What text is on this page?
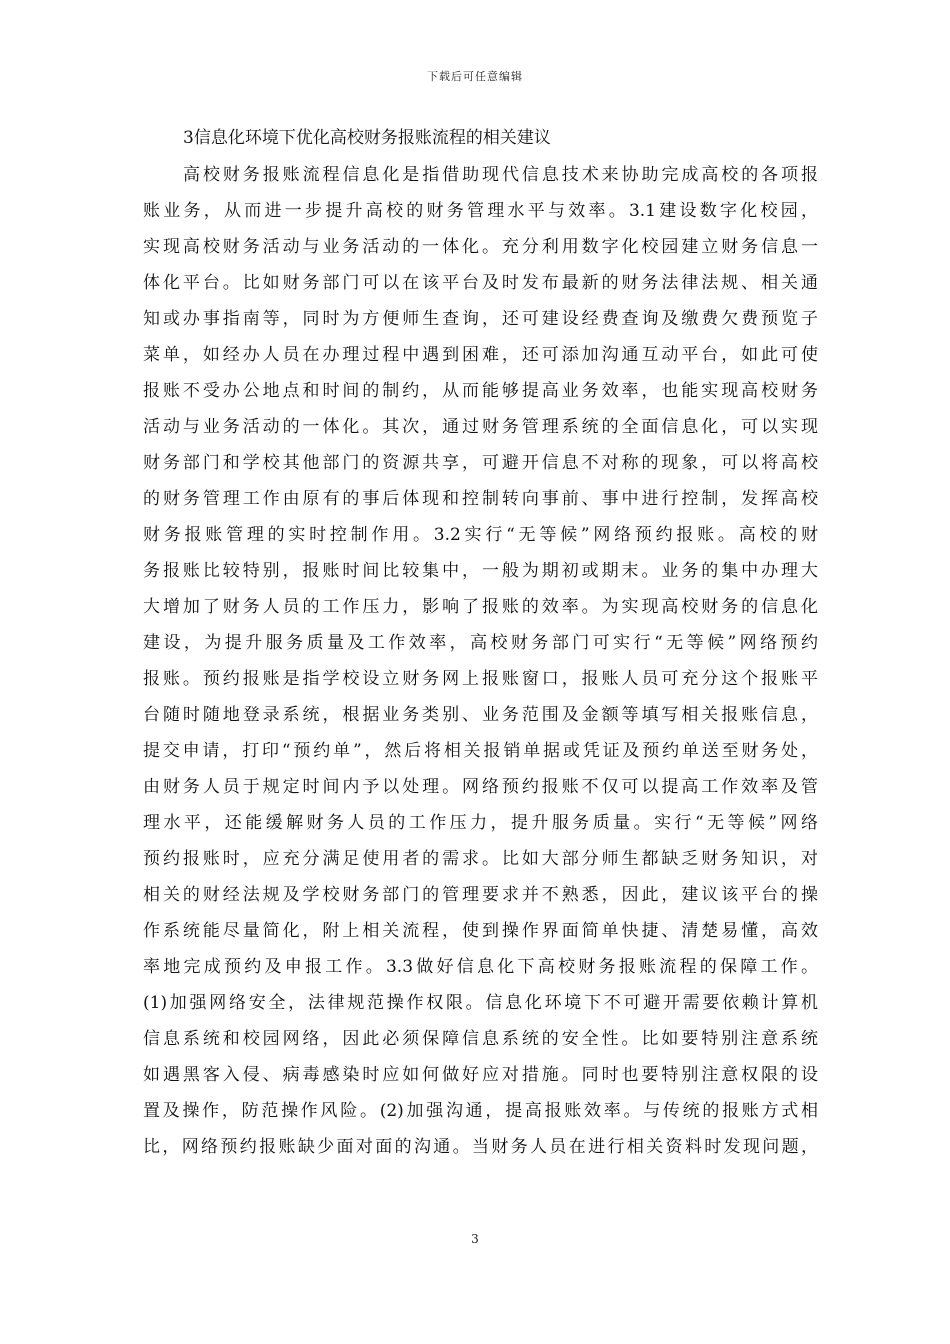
下载后可任意编辑
3信息化环境下优化高校财务报账流程的相关建议
高校财务报账流程信息化是指借助现代信息技术来协助完成高校的各项报
账业务，从而进一步提升高校的财务管理水平与效率。3.1建设数字化校园，
实现高校财务活动与业务活动的一体化。充分利用数字化校园建立财务信息一
体化平台。比如财务部门可以在该平台及时发布最新的财务法律法规、相关通
知或办事指南等，同时为方便师生查询，还可建设经费查询及缴费欠费预览子
菜单，如经办人员在办理过程中遇到困难，还可添加沟通互动平台，如此可使
报账不受办公地点和时间的制约，从而能够提高业务效率，也能实现高校财务
活动与业务活动的一体化。其次，通过财务管理系统的全面信息化，可以实现
财务部门和学校其他部门的资源共享，可避开信息不对称的现象，可以将高校
的财务管理工作由原有的事后体现和控制转向事前、事中进行控制，发挥高校
财务报账管理的实时控制作用。3.2实行“无等候”网络预约报账。高校的财
务报账比较特别，报账时间比较集中，一般为期初或期末。业务的集中办理大
大增加了财务人员的工作压力，影响了报账的效率。为实现高校财务的信息化
建设，为提升服务质量及工作效率，高校财务部门可实行“无等候”网络预约
报账。预约报账是指学校设立财务网上报账窗口，报账人员可充分这个报账平
台随时随地登录系统，根据业务类别、业务范围及金额等填写相关报账信息，
提交申请，打印“预约单”，然后将相关报销单据或凭证及预约单送至财务处，
由财务人员于规定时间内予以处理。网络预约报账不仅可以提高工作效率及管
理水平，还能缓解财务人员的工作压力，提升服务质量。实行“无等候”网络
预约报账时，应充分满足使用者的需求。比如大部分师生都缺乏财务知识，对
相关的财经法规及学校财务部门的管理要求并不熟悉，因此，建议该平台的操
作系统能尽量简化，附上相关流程，使到操作界面简单快捷、清楚易懂，高效
率地完成预约及申报工作。3.3做好信息化下高校财务报账流程的保障工作。
(1)加强网络安全，法律规范操作权限。信息化环境下不可避开需要依赖计算机
信息系统和校园网络，因此必须保障信息系统的安全性。比如要特别注意系统
如遇黑客入侵、病毒感染时应如何做好应对措施。同时也要特别注意权限的设
置及操作，防范操作风险。(2)加强沟通，提高报账效率。与传统的报账方式相
比，网络预约报账缺少面对面的沟通。当财务人员在进行相关资料时发现问题，
3
